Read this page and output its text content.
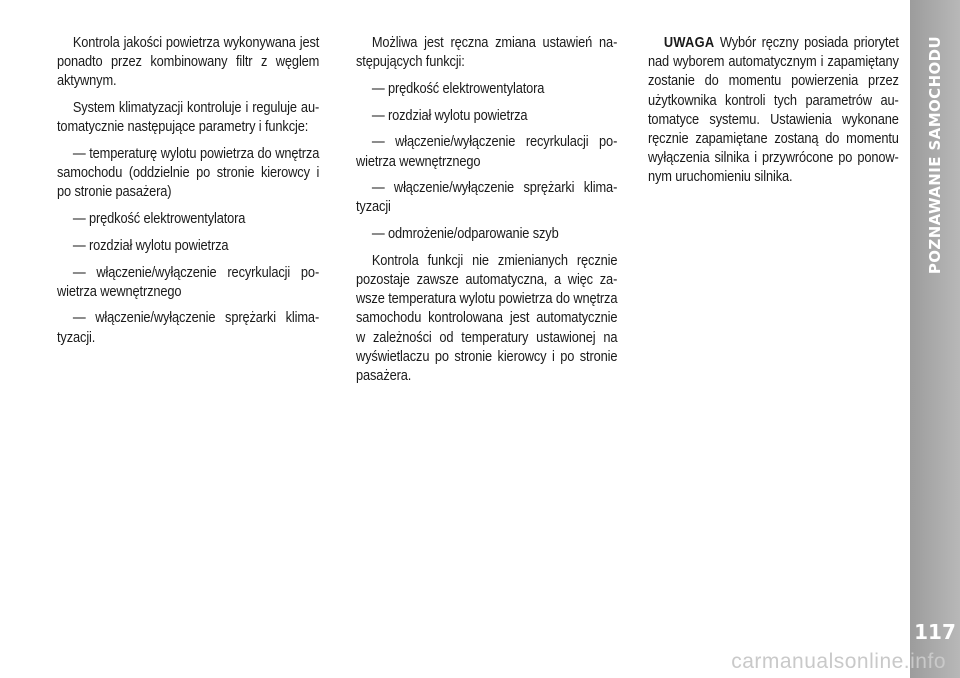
Kontrola jakości powietrza wykonywana jest ponadto przez kombinowany filtr z węglem aktywnym.

System klimatyzacji kontroluje i reguluje automatycznie następujące parametry i funkcje:

— temperaturę wylotu powietrza do wnętrza samochodu (oddzielnie po stronie kierowcy i po stronie pasażera)

— prędkość elektrowentylatora

— rozdział wylotu powietrza

— włączenie/wyłączenie recyrkulacji powietrza wewnętrznego

— włączenie/wyłączenie sprężarki klimatyzacji.

Możliwa jest ręczna zmiana ustawień następujących funkcji:

— prędkość elektrowentylatora

— rozdział wylotu powietrza

— włączenie/wyłączenie recyrkulacji powietrza wewnętrznego

— włączenie/wyłączenie sprężarki klimatyzacji

— odmrożenie/odparowanie szyb

Kontrola funkcji nie zmienianych ręcznie pozostaje zawsze automatyczna, a więc zawsze temperatura wylotu powietrza do wnętrza samochodu kontrolowana jest automatycznie w zależności od temperatury ustawionej na wyświetlaczu po stronie kierowcy i po stronie pasażera.

UWAGA Wybór ręczny posiada priorytet nad wyborem automatycznym i zapamiętany zostanie do momentu powierzenia przez użytkownika kontroli tych parametrów automatyce systemu. Ustawienia wykonane ręcznie zapamiętane zostaną do momentu wyłączenia silnika i przywrócone po ponownym uruchomieniu silnika.	POZNAWANIE SAMOCHODU
117
carmanualsonline.info
